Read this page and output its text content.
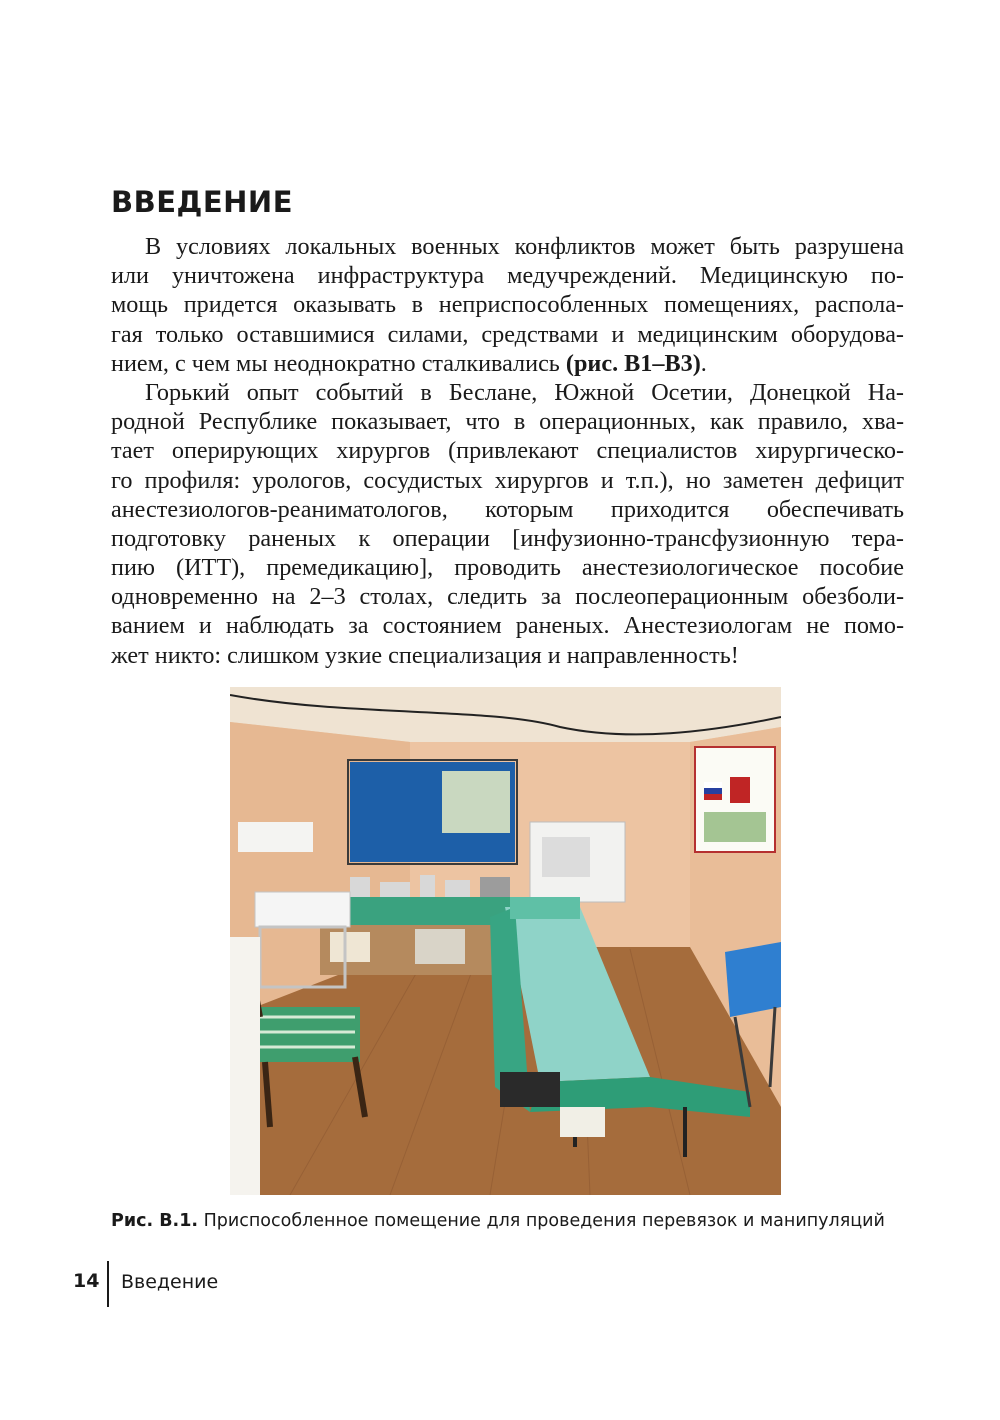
ВВЕДЕНИЕ
В условиях локальных военных конфликтов может быть разрушена
или уничтожена инфраструктура медучреждений. Медицинскую по-
мощь придется оказывать в неприспособленных помещениях, распола-
гая только оставшимися силами, средствами и медицинским оборудова-
нием, с чем мы неоднократно сталкивались (рис. В1–В3).
Горький опыт событий в Беслане, Южной Осетии, Донецкой На-
родной Республике показывает, что в операционных, как правило, хва-
тает оперирующих хирургов (привлекают специалистов хирургическо-
го профиля: урологов, сосудистых хирургов и т.п.), но заметен дефицит
анестезиологов-реаниматологов, которым приходится обеспечивать
подготовку раненых к операции [инфузионно-трансфузионную тера-
пию (ИТТ), премедикацию], проводить анестезиологическое пособие
одновременно на 2–3 столах, следить за послеоперационным обезболи-
ванием и наблюдать за состоянием раненых. Анестезиологам не помо-
жет никто: слишком узкие специализация и направленность!
Рис. В.1. Приспособленное помещение для проведения перевязок и манипуляций
14 Введение
